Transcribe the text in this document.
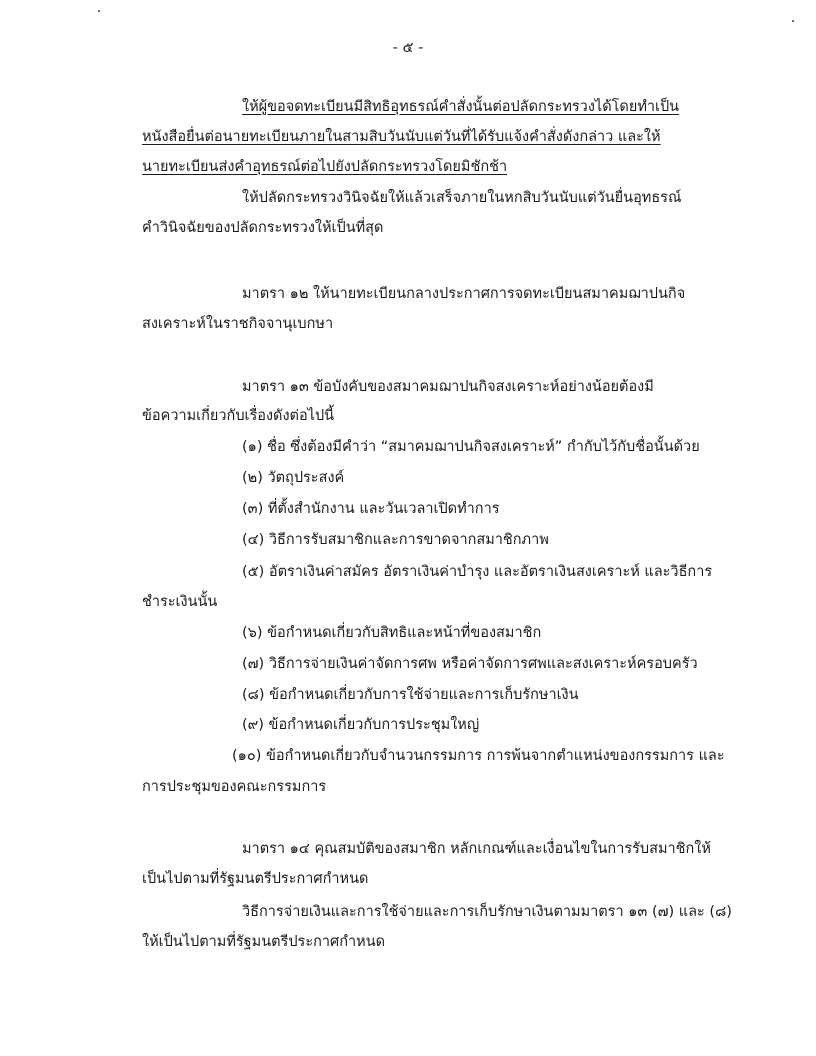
- ๕ -
ให้ผู้ขอจดทะเบียนมีสิทธิอุทธรณ์คำสั่งนั้นต่อปลัดกระทรวงได้โดยทำเป็น
หนังสือยื่นต่อนายทะเบียนภายในสามสิบวันนับแต่วันที่ได้รับแจ้งคำสั่งดังกล่าว และให้
นายทะเบียนส่งคำอุทธรณ์ต่อไปยังปลัดกระทรวงโดยมิชักช้า
ให้ปลัดกระทรวงวินิจฉัยให้แล้วเสร็จภายในหกสิบวันนับแต่วันยื่นอุทธรณ์
คำวินิจฉัยของปลัดกระทรวงให้เป็นที่สุด
มาตรา ๑๒ ให้นายทะเบียนกลางประกาศการจดทะเบียนสมาคมฌาปนกิจ
สงเคราะห์ในราชกิจจานุเบกษา
มาตรา ๑๓ ข้อบังคับของสมาคมฌาปนกิจสงเคราะห์อย่างน้อยต้องมี
ข้อความเกี่ยวกับเรื่องดังต่อไปนี้
(๑) ชื่อ ซึ่งต้องมีคำว่า “สมาคมฌาปนกิจสงเคราะห์” กำกับไว้กับชื่อนั้นด้วย
(๒) วัตถุประสงค์
(๓) ที่ตั้งสำนักงาน และวันเวลาเปิดทำการ
(๔) วิธีการรับสมาชิกและการขาดจากสมาชิกภาพ
(๕) อัตราเงินค่าสมัคร อัตราเงินค่าบำรุง และอัตราเงินสงเคราะห์ และวิธีการ
ชำระเงินนั้น
(๖) ข้อกำหนดเกี่ยวกับสิทธิและหน้าที่ของสมาชิก
(๗) วิธีการจ่ายเงินค่าจัดการศพ หรือค่าจัดการศพและสงเคราะห์ครอบครัว
(๘) ข้อกำหนดเกี่ยวกับการใช้จ่ายและการเก็บรักษาเงิน
(๙) ข้อกำหนดเกี่ยวกับการประชุมใหญ่
(๑๐) ข้อกำหนดเกี่ยวกับจำนวนกรรมการ การพ้นจากตำแหน่งของกรรมการ และ
การประชุมของคณะกรรมการ
มาตรา ๑๔ คุณสมบัติของสมาชิก หลักเกณฑ์และเงื่อนไขในการรับสมาชิกให้
เป็นไปตามที่รัฐมนตรีประกาศกำหนด
วิธีการจ่ายเงินและการใช้จ่ายและการเก็บรักษาเงินตามมาตรา ๑๓ (๗) และ (๘)
ให้เป็นไปตามที่รัฐมนตรีประกาศกำหนด
